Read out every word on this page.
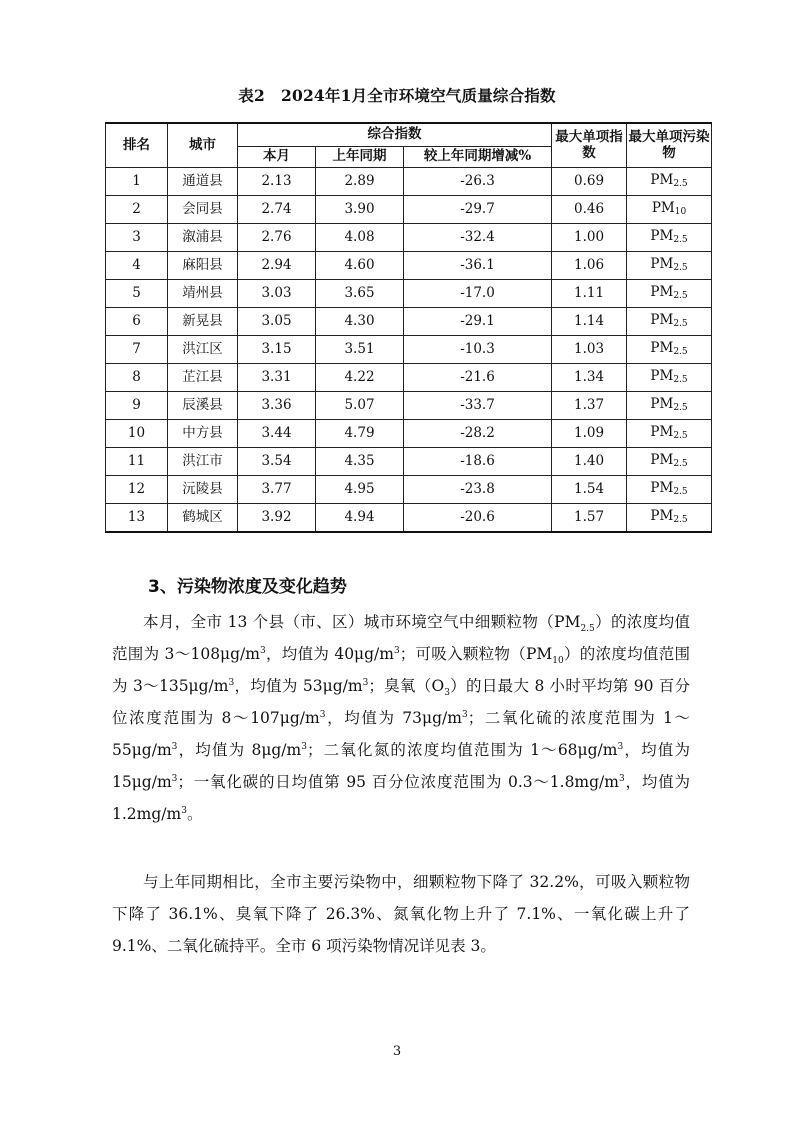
表2 2024年1月全市环境空气质量综合指数
排名	城市	综合指数			最大单项指数	最大单项污染物
		本月	上年同期	较上年同期增减%		
1	通道县	2.13	2.89	-26.3	0.69	$PM_{2.5}$
2	会同县	2.74	3.90	-29.7	0.46	$PM_{10}$
3	溆浦县	2.76	4.08	-32.4	1.00	$PM_{2.5}$
4	麻阳县	2.94	4.60	-36.1	1.06	$PM_{2.5}$
5	靖州县	3.03	3.65	-17.0	1.11	$PM_{2.5}$
6	新晃县	3.05	4.30	-29.1	1.14	$PM_{2.5}$
7	洪江区	3.15	3.51	-10.3	1.03	$PM_{2.5}$
8	芷江县	3.31	4.22	-21.6	1.34	$PM_{2.5}$
9	辰溪县	3.36	5.07	-33.7	1.37	$PM_{2.5}$
10	中方县	3.44	4.79	-28.2	1.09	$PM_{2.5}$
11	洪江市	3.54	4.35	-18.6	1.40	$PM_{2.5}$
12	沅陵县	3.77	4.95	-23.8	1.54	$PM_{2.5}$
13	鹤城区	3.92	4.94	-20.6	1.57	$PM_{2.5}$
3、污染物浓度及变化趋势

本月，全市 13 个县（市、区）城市环境空气中细颗粒物$(PM_{2.5})$的浓度均值范围为 $3\sim 108\mu g/m^3$，均值为 $40\mu g/m^3$；可吸入颗粒物$(PM_{10})$的浓度均值范围为 $3\sim 135\mu g/m^3$，均值为 $53\mu g/m^3$；臭氧$(O_3)$的日最大 8 小时平均第 90 百分位浓度范围为 $8\sim 107\mu g/m^3$，均值为 $73\mu g/m^3$；二氧化硫的浓度范围为 $1\sim 55\mu g/m^3$，均值为 $8\mu g/m^3$；二氧化氮的浓度均值范围为 $1\sim 68\mu g/m^3$，均值为 $15\mu g/m^3$；一氧化碳的日均值第 95 百分位浓度范围为 $0.3\sim 1.8mg/m^3$，均值为 $1.2mg/m^3$。

与上年同期相比，全市主要污染物中，细颗粒物下降了 32.2%，可吸入颗粒物下降了 36.1%、臭氧下降了 26.3%、氮氧化物上升了 7.1%、一氧化碳上升了 9.1%、二氧化硫持平。全市 6 项污染物情况详见表 3。

3
